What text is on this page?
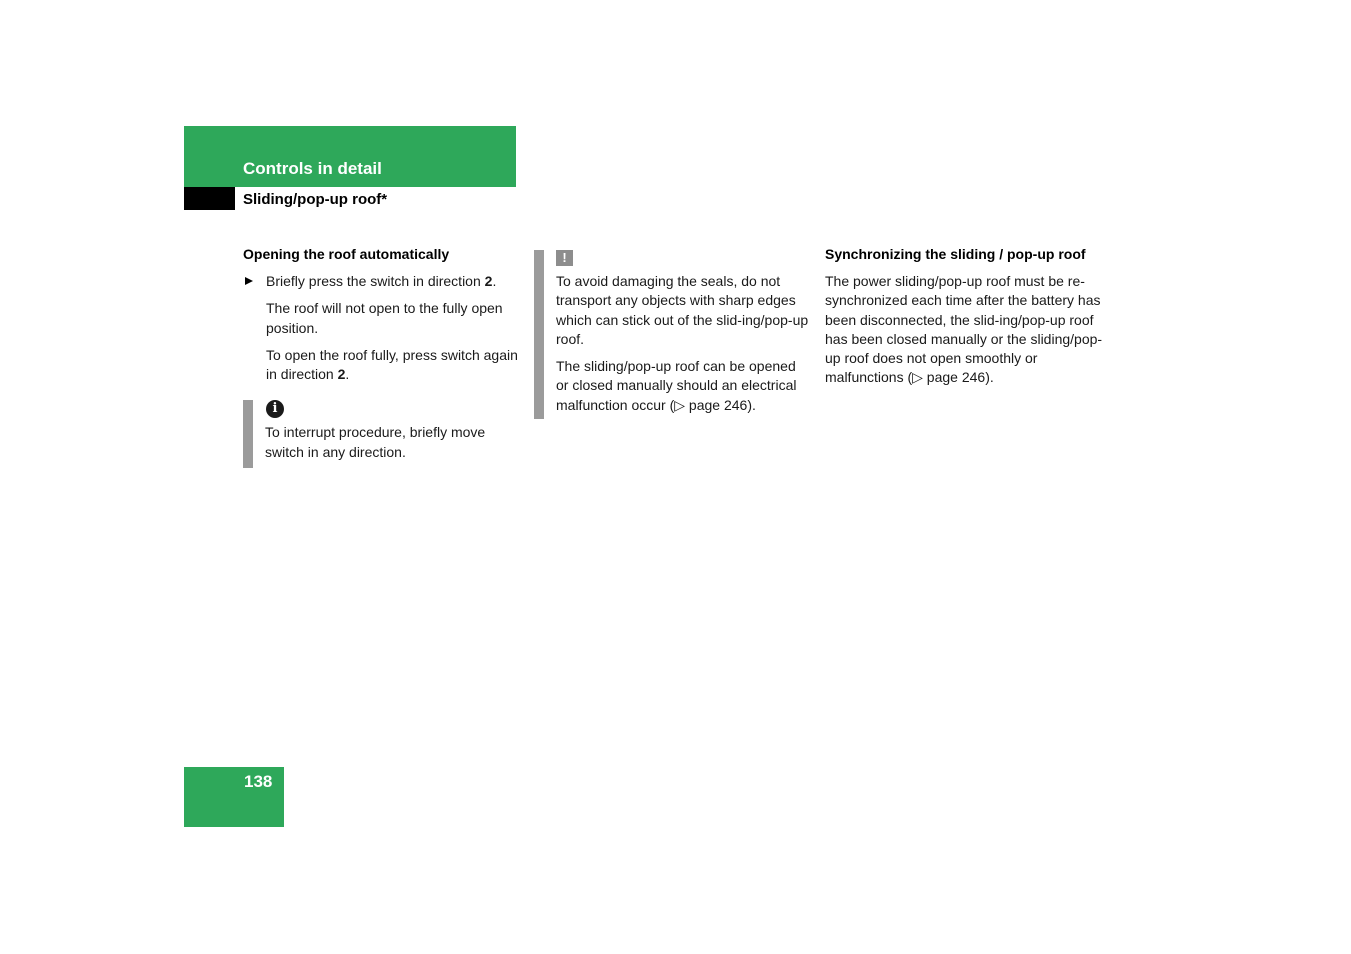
Controls in detail
Sliding/pop-up roof*
Opening the roof automatically
Briefly press the switch in direction 2.

The roof will not open to the fully open position.

To open the roof fully, press switch again in direction 2.

i
To interrupt procedure, briefly move switch in any direction.
!

To avoid damaging the seals, do not transport any objects with sharp edges which can stick out of the slid-ing/pop-up roof.

The sliding/pop-up roof can be opened or closed manually should an electrical malfunction occur (▷ page 246).

Synchronizing the sliding / pop-up roof

The power sliding/pop-up roof must be re-synchronized each time after the battery has been disconnected, the slid-ing/pop-up roof has been closed manually or the sliding/pop-up roof does not open smoothly or malfunctions (▷ page 246).

138
